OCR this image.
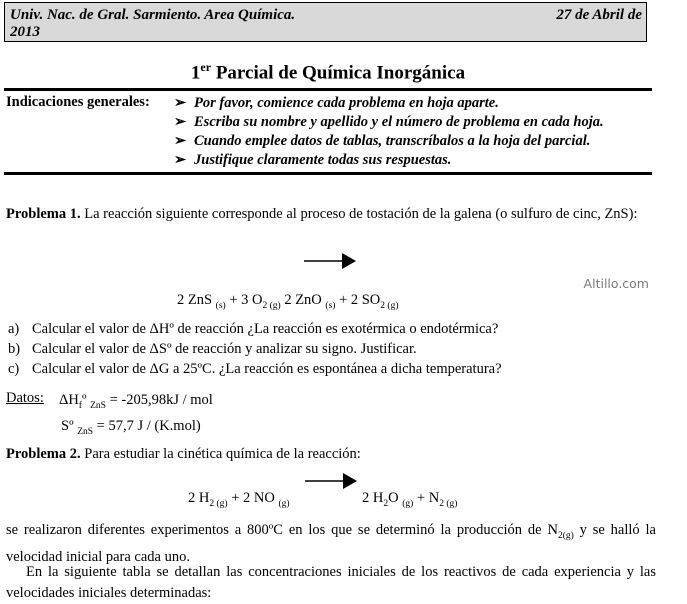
Univ. Nac. de Gral. Sarmiento. Area Química.
2013
27 de Abril de
1er Parcial de Química Inorgánica
Indicaciones generales: ➢ Por favor, comience cada problema en hoja aparte.
➢ Escriba su nombre y apellido y el número de problema en cada hoja.
➢ Cuando emplee datos de tablas, transcríbalos a la hoja del parcial.
➢ Justifique claramente todas sus respuestas.
Problema 1. La reacción siguiente corresponde al proceso de tostación de la galena (o sulfuro de cinc, ZnS):
Altillo.com
2 ZnS $_{(s)}$ + 3 $O_{2 (g)}$ 2 ZnO $_{(s)}$ + 2 $SO_{2 (g)}$
a) Calcular el valor de ΔHº de reacción ¿La reacción es exotérmica o endotérmica?
b) Calcular el valor de ΔSº de reacción y analizar su signo. Justificar.
c) Calcular el valor de ΔG a 25ºC. ¿La reacción es espontánea a dicha temperatura?
Datos: $\Delta H_fº$ $_{ZnS}$ = -205,98kJ / mol
Sº $_{ZnS}$ = 57,7 J / (K.mol)
Problema 2. Para estudiar la cinética química de la reacción:
2 $H_{2 (g)} + 2$ NO $_{(g)}$	2 $H_2O$ $_{(g)} + N_{2 (g)}$
se realizaron diferentes experimentos a 800ºC en los que se determinó la producción de $N_{2(g)}$ y se halló la velocidad inicial para cada uno.
En la siguiente tabla se detallan las concentraciones iniciales de los reactivos de cada experiencia y las velocidades iniciales determinadas:
